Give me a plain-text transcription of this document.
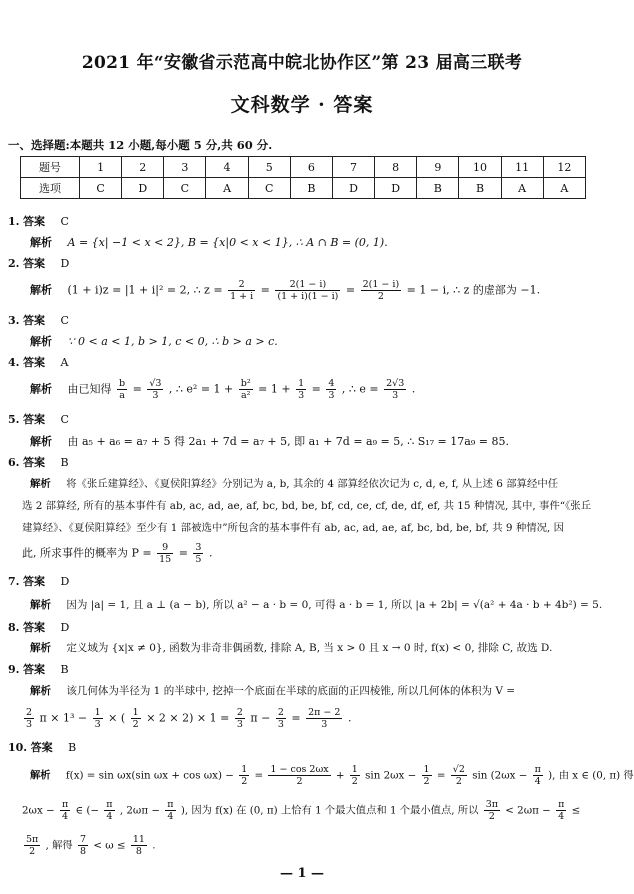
2021 年“安徽省示范高中皖北协作区”第 23 届高三联考
文科数学 · 答案
一、选择题:本题共 12 小题,每小题 5 分,共 60 分.
题号	1	2	3	4	5	6	7	8	9	10	11	12
选项	C	D	C	A	C	B	D	D	B	B	A	A
1. 答案 C
解析 A = {x| −1 < x < 2}, B = {x|0 < x < 1}, ∴ A ∩ B = (0, 1).
2. 答案 D
解析 (1 + i)z = |1 + i|² = 2, ∴ $z = \frac{2}{1 + i} = \frac{2(1 - i)}{(1 + i)(1 - i)} = \frac{2(1 - i)}{2} = 1 - i$, ∴ z 的虚部为 −1.
3. 答案 C
解析 ∵ 0 < a < 1, b > 1, c < 0, ∴ b > a > c.
4. 答案 A
解析 由已知得 $\frac{b}{a} = \frac{√3}{3}$ , ∴ $e^2 = 1 + \frac{\text{b²}}{\text{a²}} = 1 + \frac{1}{3} = \frac{4}{3}$ , ∴ $e = \frac{2√3}{3}$ .
5. 答案 C
解析 由 a₅ + a₆ = a₇ + 5 得 2a₁ + 7d = a₇ + 5, 即 a₁ + 7d = a₉ = 5, ∴ S₁₇ = 17a₉ = 85.
6. 答案 B
解析 将《张丘建算经》、《夏侯阳算经》分别记为 a, b, 其余的 4 部算经依次记为 c, d, e, f, 从上述 6 部算经中任
选 2 部算经, 所有的基本事件有 ab, ac, ad, ae, af, bc, bd, be, bf, cd, ce, cf, de, df, ef, 共 15 种情况, 其中, 事件“《张丘
建算经》、《夏侯阳算经》至少有 1 部被选中”所包含的基本事件有 ab, ac, ad, ae, af, bc, bd, be, bf, 共 9 种情况, 因
此, 所求事件的概率为 $P = \frac{9}{15} = \frac{3}{5}$ .
7. 答案 D
解析 因为 |a| = 1, 且 a ⊥ (a − b), 所以 a² − a · b = 0, 可得 a · b = 1, 所以 |a + 2b| = √(a² + 4a · b + 4b²) = 5.
8. 答案 D
解析 定义域为 {x|x ≠ 0}, 函数为非奇非偶函数, 排除 A, B, 当 x > 0 且 x → 0 时, f(x) < 0, 排除 C, 故选 D.
9. 答案 B
解析 该几何体为半径为 1 的半球中, 挖掉一个底面在半球的底面的正四棱锥, 所以几何体的体积为 V =
$\frac{2}{3}$ $\pi \times 1^3 - \frac{1}{3}$ × ( $\frac{1}{2} \times 2 \times 2) \times 1 = \frac{2}{3}$ $\pi - \frac{2}{3} = \frac{2\pi - 2}{3}$ .
10. 答案 B
解析 f(x) = sin ωx(sin $\omega x + \cos \omega x) - \frac{1}{2} = \frac{1 - \cos 2\omega x}{2} + \frac{1}{2}$ $\sin 2\omega x - \frac{1}{2} = \frac{√2}{2}$ $\sin (2\omega x - \frac{\pi}{4}$ ), 由 x ∈ (0, π) 得
$2\omega x - \frac{\pi}{4}$ ∈ (− $\frac{\pi}{4}$ , $2\omega\pi - \frac{\pi}{4}$ ), 因为 f(x) 在 (0, π) 上恰有 1 个最大值点和 1 个最小值点, 所以 $\frac{3\pi}{2} < 2\omega\pi - \frac{\pi}{4}$ ≤
$\frac{5\pi}{2}$ , 解得 $\frac{7}{8} < \omega \le \frac{11}{8}$ .
— 1 —
